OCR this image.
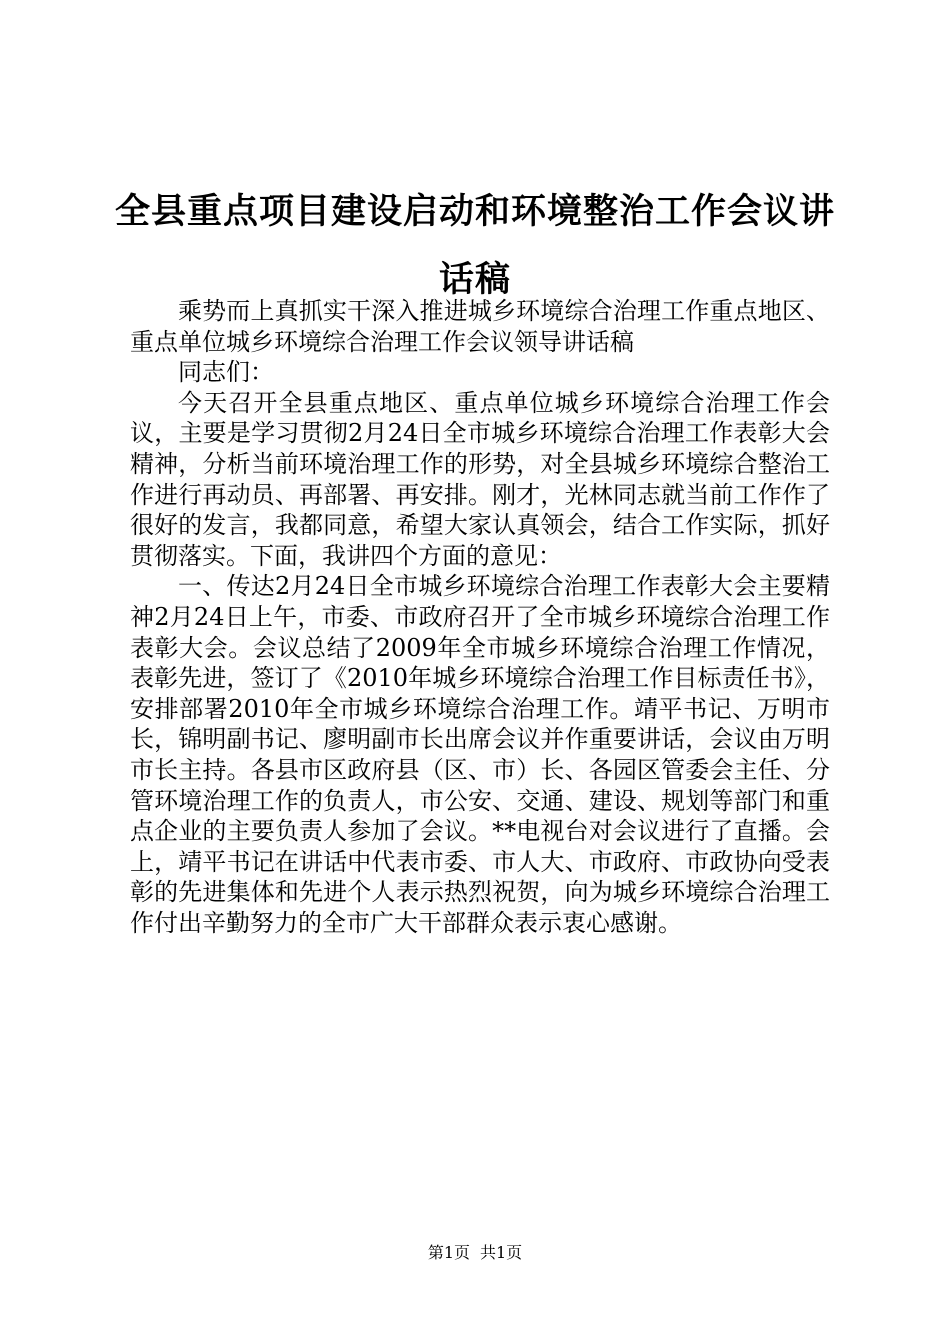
全县重点项目建设启动和环境整治工作会议讲话稿

乘势而上真抓实干深入推进城乡环境综合治理工作重点地区、重点单位城乡环境综合治理工作会议领导讲话稿

同志们：

今天召开全县重点地区、重点单位城乡环境综合治理工作会议，主要是学习贯彻2月24日全市城乡环境综合治理工作表彰大会精神，分析当前环境治理工作的形势，对全县城乡环境综合整治工作进行再动员、再部署、再安排。刚才，光林同志就当前工作作了很好的发言，我都同意，希望大家认真领会，结合工作实际，抓好贯彻落实。下面，我讲四个方面的意见：

一、传达2月24日全市城乡环境综合治理工作表彰大会主要精神2月24日上午，市委、市政府召开了全市城乡环境综合治理工作表彰大会。会议总结了2009年全市城乡环境综合治理工作情况，表彰先进，签订了《2010年城乡环境综合治理工作目标责任书》，安排部署2010年全市城乡环境综合治理工作。靖平书记、万明市长，锦明副书记、廖明副市长出席会议并作重要讲话，会议由万明市长主持。各县市区政府县（区、市）长、各园区管委会主任、分管环境治理工作的负责人，市公安、交通、建设、规划等部门和重点企业的主要负责人参加了会议。**电视台对会议进行了直播。会上，靖平书记在讲话中代表市委、市人大、市政府、市政协向受表彰的先进集体和先进个人表示热烈祝贺，向为城乡环境综合治理工作付出辛勤努力的全市广大干部群众表示衷心感谢。

第1页 共1页
